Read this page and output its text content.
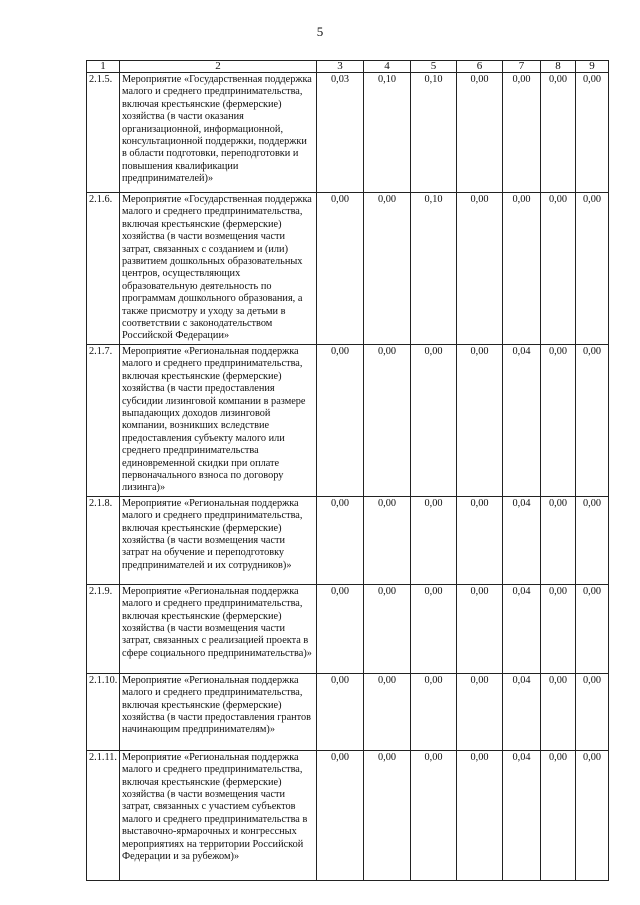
5
1	2	3	4	5	6	7	8	9
2.1.5.	Мероприятие «Государственная поддержка малого и среднего предпринимательства, включая крестьянские (фермерские) хозяйства (в части оказания организационной, информационной, консультационной поддержки, поддержки в области подготовки, переподготовки и повышения квалификации предпринимателей)»	0,03	0,10	0,10	0,00	0,00	0,00	0,00
2.1.6.	Мероприятие «Государственная поддержка малого и среднего предпринимательства, включая крестьянские (фермерские) хозяйства (в части возмещения части затрат, связанных с созданием и (или) развитием дошкольных образовательных центров, осуществляющих образовательную деятельность по программам дошкольного образования, а также присмотру и уходу за детьми в соответствии с законодательством Российской Федерации»	0,00	0,00	0,10	0,00	0,00	0,00	0,00
2.1.7.	Мероприятие «Региональная поддержка малого и среднего предпринимательства, включая крестьянские (фермерские) хозяйства (в части предоставления субсидии лизинговой компании в размере выпадающих доходов лизинговой компании, возникших вследствие предоставления субъекту малого или среднего предпринимательства единовременной скидки при оплате первоначального взноса по договору лизинга)»	0,00	0,00	0,00	0,00	0,04	0,00	0,00
2.1.8.	Мероприятие «Региональная поддержка малого и среднего предпринимательства, включая крестьянские (фермерские) хозяйства (в части возмещения части затрат на обучение и переподготовку предпринимателей и их сотрудников)»	0,00	0,00	0,00	0,00	0,04	0,00	0,00
2.1.9.	Мероприятие «Региональная поддержка малого и среднего предпринимательства, включая крестьянские (фермерские) хозяйства (в части возмещения части затрат, связанных с реализацией проекта в сфере социального предпринимательства)»	0,00	0,00	0,00	0,00	0,04	0,00	0,00
2.1.10.	Мероприятие «Региональная поддержка малого и среднего предпринимательства, включая крестьянские (фермерские) хозяйства (в части предоставления грантов начинающим предпринимателям)»	0,00	0,00	0,00	0,00	0,04	0,00	0,00
2.1.11.	Мероприятие «Региональная поддержка малого и среднего предпринимательства, включая крестьянские (фермерские) хозяйства (в части возмещения части затрат, связанных с участием субъектов малого и среднего предпринимательства в выставочно-ярмарочных и конгрессных мероприятиях на территории Российской Федерации и за рубежом)»	0,00	0,00	0,00	0,00	0,04	0,00	0,00
